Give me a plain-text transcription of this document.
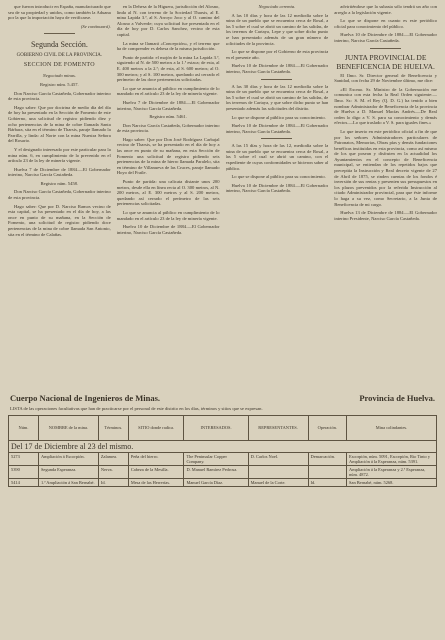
que fueron introducir en España, manufacturado que sea de su propiedad y unidos, como también la Aduana por la que la importación haya de verificarse.

(Se continuará).

Segunda Sección.
GOBIERNO CIVIL DE LA PROVINCIA.
SECCION DE FOMENTO

Negociado minas.

Registro núm. 5.457.

Don Narciso García Castañeda, Gobernador interino de esta provincia.

Hago saber: Que por doctrina de medio día del día de hoy ha presentado en la Sección de Fomento de este Gobierno, una solicitud de registro pidiendo diez y ocho pertenencias de la mina de cobre llamada Santa Bárbara, sita en el término de Tharsis, paraje llamado la Parrilla, y linda: al Norte con la mina Nuestra Señora del Rosario.

Y el designado interesado por este particular para la mina núm. 6, en cumplimiento de lo prevenido en el artículo 23 de la ley de minería vigente.

Huelva 7 de Diciembre de 1884.—El Gobernador interino, Narciso García Castañeda.

Registro núm. 5458.

Don Narciso García Castañeda, Gobernador interino de esta provincia.

Hago saber: Que por D. Narciso Ramos vecino de esta capital, se ha presentado en el día de hoy, a las once en punto de su mañana, en la Sección de Fomento, una solicitud de registro pidiendo doce pertenencias de la mina de cobre llamada San Antonio, sita en el término de Calañas.

en la Dehesa de la Higuera, jurisdicción del Alosno, linda al N. con terreno de la Sociedad Tharsis, al E. mina Lapida 3.ª, al S. Arroyo Joco y al O. camino del Alosno a Valverde; cuya solicitud fue presentada en el día de hoy por D. Carlos Sanchez, vecino de esta capital.

La mina se llamará «Concepción», y el terreno que ha de comprender es dehesa de la misma jurisdicción.

Punto de partida: el mojón de la mina La Lapida 3.ª, siguiendo al N. de 500 metros a la 1.ª estaca; de esta, al E. 400 metros a la 2.ª; de esta, al S. 600 metros; al O. 300 metros; y al S. 100 metros, quedando así cerrado el perímetro de las doce pertenencias solicitadas.

Lo que se anuncia al público en cumplimiento de lo mandado en el artículo 23 de la ley de minería vigente.

Huelva 7 de Diciembre de 1884.—El Gobernador interino, Narciso García Castañeda.

Registro núm. 5461.

Don Narciso García Castañeda, Gobernador interino de esta provincia.

Hago saber: Que por Don José Rodríguez Carbajal vecino de Tharsis, se ha presentado en el día de hoy a las once en punto de su mañana, en esta Sección de Fomento una solicitud de registro pidiendo seis pertenencias de la mina de hierro llamada Paralelo, sita en término de Villanueva de las Cruces, paraje llamado Hoyo del Fraile.

Punto de partida: una calicata distante unos 200 metros, desde ella en línea recta al O. 300 metros, al N. 200 metros, al E. 300 metros y al S. 200 metros, quedando así cerrado el perímetro de las seis pertenencias solicitadas.

Lo que se anuncia al público en cumplimiento de lo mandado en el artículo 23 de la ley de minería vigente.

Huelva 10 de Diciembre de 1884.—El Gobernador interino, Narciso García Castañeda.

Negociado ceremia.

A las 10 días y hora de las 12 mediodía sobre la mina de un pueblo que se encuentra cerca de Rosal, a las 5 sobre el cual se abrió un camino de las salidas, de los terrenos de Cartaya, Lepe y que sobre dicho punto se han presentado además de un gran número de solicitudes de la provincia.

Lo que se dispone por el Gobierno de esta provincia en el presente año.

Huelva 10 de Diciembre de 1884.—El Gobernador interino, Narciso García Castañeda.

A las 30 días y hora de las 12 mediodía sobre la mina de un pueblo que se encuentra cerca de Rosal, a las 5 sobre el cual se abrió un camino de las salidas, de los terrenos de Cartaya, y que sobre dicho punto se han presentado además las solicitudes del distrito.

Lo que se dispone al público para su conocimiento.

Huelva 10 de Diciembre de 1884.—El Gobernador interino, Narciso García Castañeda.

A las 15 días y hora de las 12, mediodía sobre la mina de un pueblo que se encuentra cerca de Rosal, a las 5 sobre el cual se abrió un camino, con el expediente de cuyas conformidades se hicieron saber al público.

Lo que se dispone al público para su conocimiento.

Huelva 10 de Diciembre de 1884.—El Gobernador interino, Narciso García Castañeda.

advirtiéndose que la subasta sólo tendrá un año con arreglo a la legislación vigente.

Lo que se dispone en cuanto es este periódico oficial para conocimiento del público.

Huelva 10 de Diciembre de 1884.—El Gobernador interino, Narciso García Castañeda.

JUNTA PROVINCIAL DE BENEFICENCIA DE HUELVA.

El Ilmo. Sr. Director general de Beneficencia y Sanidad, con fecha 29 de Noviembre último, me dice:

«El Excmo. Sr. Ministro de la Gobernación me comunica con esta fecha la Real Orden siguiente:—Ilmo. Sr.: S. M. el Rey (Q. D. G.) ha tenido a bien nombrar Administrador de Beneficencia de la provincia de Huelva a D. Manuel Macías Andrés.—De Real orden lo digo a V. S. para su conocimiento y demás efectos.—Lo que traslado a V. S. para iguales fines.»

Lo que inserto en este periódico oficial a fin de que por los señores Administradores particulares de Patronatos, Memorias, Obras pías y demás fundaciones benéficas instituidas en esta provincia, como así mismo de los que posean y disfruten en la actualidad los Ayuntamientos en el concepto de Beneficencia municipal, se entiendan de los repetidos bajos que preceptúa la Instrucción y Real decreto vigente de 27 de Abril de 1875, se rinden cuentas de los fondos é inversión de sus rentas y presenten sus presupuestos en los plazos prevenidos por la referida Instrucción al citado Administrador provincial, para que éste informe lo haga a su vez, como Secretario, a la Junta de Beneficencia de mi cargo.

Huelva 13 de Diciembre de 1884.—El Gobernador interino Presidente, Narciso García Castañeda.

Cuerpo Nacional de Ingenieros de Minas.	Provincia de Huelva.
LISTA de las operaciones facultativas que han de practicarse por el personal de este distrito en los días, términos y sitios que se expresan.
Núm.	NOMBRE de la mina.	Términos.	SITIO donde radica.	INTERESADOS.	REPRESENTANTES.	Operación.	Mina colindantes.
Del 17 de Diciembre al 23 del mismo.							
5273	Ampliación á Escorpión.	Zalamea.	Peña del hierro.	The Peninsular Copper Company.	D. Carlos Noel.	Demarcación.	Escorpión, núm. 5091, Escorpión, Rio Tinto y Ampliación á la Esperanza, núm. 5391.
5390	Segunda Esperanza.	Nerva.	Cabeza de la Mesilla.	D. Manuel Ramírez Pedrosa.			Ampliación á la Esperanza y 2.ª Esperanza, núm. 4872.
5414	1.ª Ampliación á San Bernabé.	Id.	Mesa de las Herrerías.	Manuel García Díaz.	Manuel de la Corte.	Id.	San Bernabé, núm. 5268.
